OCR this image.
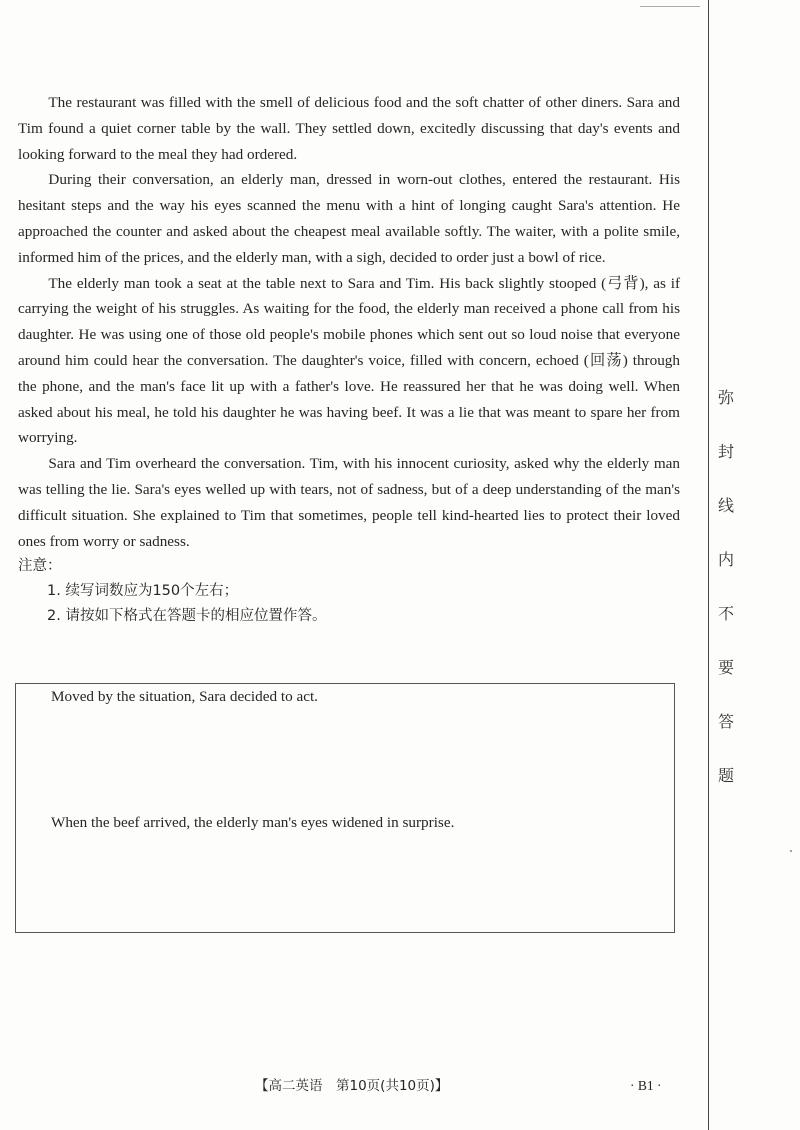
The restaurant was filled with the smell of delicious food and the soft chatter of other diners. Sara and Tim found a quiet corner table by the wall. They settled down, excitedly discussing that day's events and looking forward to the meal they had ordered.

During their conversation, an elderly man, dressed in worn-out clothes, entered the restaurant. His hesitant steps and the way his eyes scanned the menu with a hint of longing caught Sara's attention. He approached the counter and asked about the cheapest meal available softly. The waiter, with a polite smile, informed him of the prices, and the elderly man, with a sigh, decided to order just a bowl of rice.

The elderly man took a seat at the table next to Sara and Tim. His back slightly stooped (弓背), as if carrying the weight of his struggles. As waiting for the food, the elderly man received a phone call from his daughter. He was using one of those old people's mobile phones which sent out so loud noise that everyone around him could hear the conversation. The daughter's voice, filled with concern, echoed (回荡) through the phone, and the man's face lit up with a father's love. He reassured her that he was doing well. When asked about his meal, he told his daughter he was having beef. It was a lie that was meant to spare her from worrying.

Sara and Tim overheard the conversation. Tim, with his innocent curiosity, asked why the elderly man was telling the lie. Sara's eyes welled up with tears, not of sadness, but of a deep understanding of the man's difficult situation. She explained to Tim that sometimes, people tell kind-hearted lies to protect their loved ones from worry or sadness.

注意：

1. 续写词数应为150个左右；

2. 请按如下格式在答题卡的相应位置作答。

Moved by the situation, Sara decided to act.

When the beef arrived, the elderly man's eyes widened in surprise.

【高二英语　第10页(共10页)】	· B1 ·
弥
封
线
内
不
要
答
题
